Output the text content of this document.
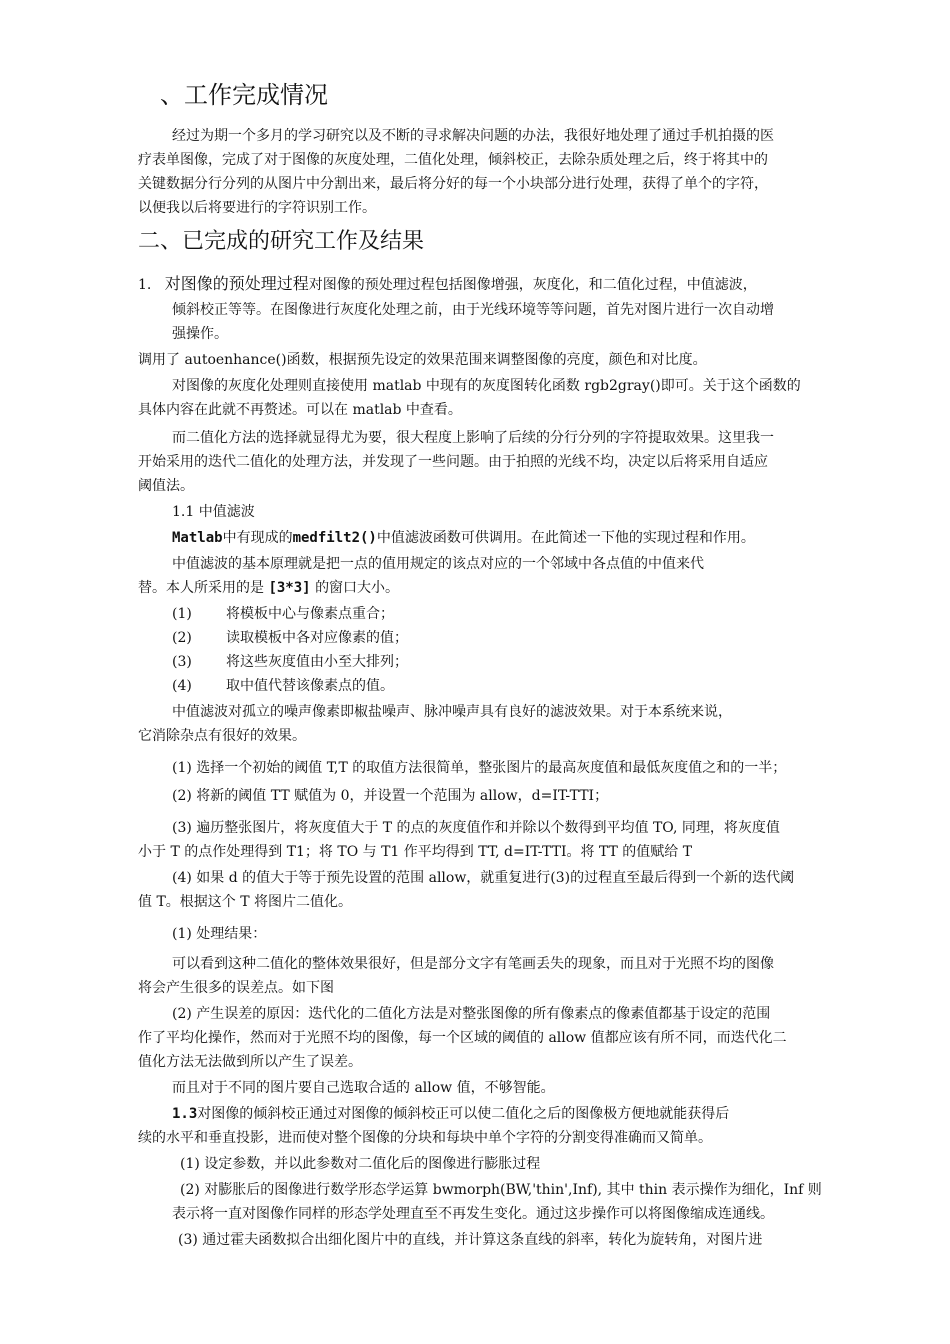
、工作完成情况
经过为期一个多月的学习研究以及不断的寻求解决问题的办法，我很好地处理了通过手机拍摄的医
疗表单图像，完成了对于图像的灰度处理，二值化处理，倾斜校正，去除杂质处理之后，终于将其中的
关键数据分行分列的从图片中分割出来，最后将分好的每一个小块部分进行处理，获得了单个的字符，
以便我以后将要进行的字符识别工作。
二、已完成的研究工作及结果
1. 对图像的预处理过程对图像的预处理过程包括图像增强，灰度化，和二值化过程，中值滤波，
倾斜校正等等。在图像进行灰度化处理之前，由于光线环境等等问题，首先对图片进行一次自动增
强操作。
调用了 autoenhance()函数，根据预先设定的效果范围来调整图像的亮度，颜色和对比度。
对图像的灰度化处理则直接使用 matlab 中现有的灰度图转化函数 rgb2gray()即可。关于这个函数的
具体内容在此就不再赘述。可以在 matlab 中查看。
而二值化方法的选择就显得尤为要，很大程度上影响了后续的分行分列的字符提取效果。这里我一
开始采用的迭代二值化的处理方法，并发现了一些问题。由于拍照的光线不均，决定以后将采用自适应
阈值法。
1.1 中值滤波
Matlab中有现成的medfilt2()中值滤波函数可供调用。在此简述一下他的实现过程和作用。
中值滤波的基本原理就是把一点的值用规定的该点对应的一个邻域中各点值的中值来代
替。本人所采用的是 [3*3] 的窗口大小。
(1) 将模板中心与像素点重合；
(2) 读取模板中各对应像素的值；
(3) 将这些灰度值由小至大排列；
(4) 取中值代替该像素点的值。
中值滤波对孤立的噪声像素即椒盐噪声、脉冲噪声具有良好的滤波效果。对于本系统来说，
它消除杂点有很好的效果。
(1) 选择一个初始的阈值 T,T 的取值方法很简单，整张图片的最高灰度值和最低灰度值之和的一半；
(2) 将新的阈值 TT 赋值为 0，并设置一个范围为 allow，d=IT-TTI；
(3) 遍历整张图片，将灰度值大于 T 的点的灰度值作和并除以个数得到平均值 TO, 同理，将灰度值
小于 T 的点作处理得到 T1；将 TO 与 T1 作平均得到 TT, d=IT-TTI。将 TT 的值赋给 T
(4) 如果 d 的值大于等于预先设置的范围 allow，就重复进行(3)的过程直至最后得到一个新的迭代阈
值 T。根据这个 T 将图片二值化。
(1) 处理结果：
可以看到这种二值化的整体效果很好，但是部分文字有笔画丢失的现象，而且对于光照不均的图像
将会产生很多的误差点。如下图
(2) 产生误差的原因：迭代化的二值化方法是对整张图像的所有像素点的像素值都基于设定的范围
作了平均化操作，然而对于光照不均的图像，每一个区域的阈值的 allow 值都应该有所不同，而迭代化二
值化方法无法做到所以产生了误差。
而且对于不同的图片要自己选取合适的 allow 值，不够智能。
1.3对图像的倾斜校正通过对图像的倾斜校正可以使二值化之后的图像极方便地就能获得后
续的水平和垂直投影，进而使对整个图像的分块和每块中单个字符的分割变得准确而又简单。
(1) 设定参数，并以此参数对二值化后的图像进行膨胀过程
(2) 对膨胀后的图像进行数学形态学运算 bwmorph(BW,'thin',Inf), 其中 thin 表示操作为细化，Inf 则
表示将一直对图像作同样的形态学处理直至不再发生变化。通过这步操作可以将图像缩成连通线。
(3) 通过霍夫函数拟合出细化图片中的直线，并计算这条直线的斜率，转化为旋转角，对图片进
